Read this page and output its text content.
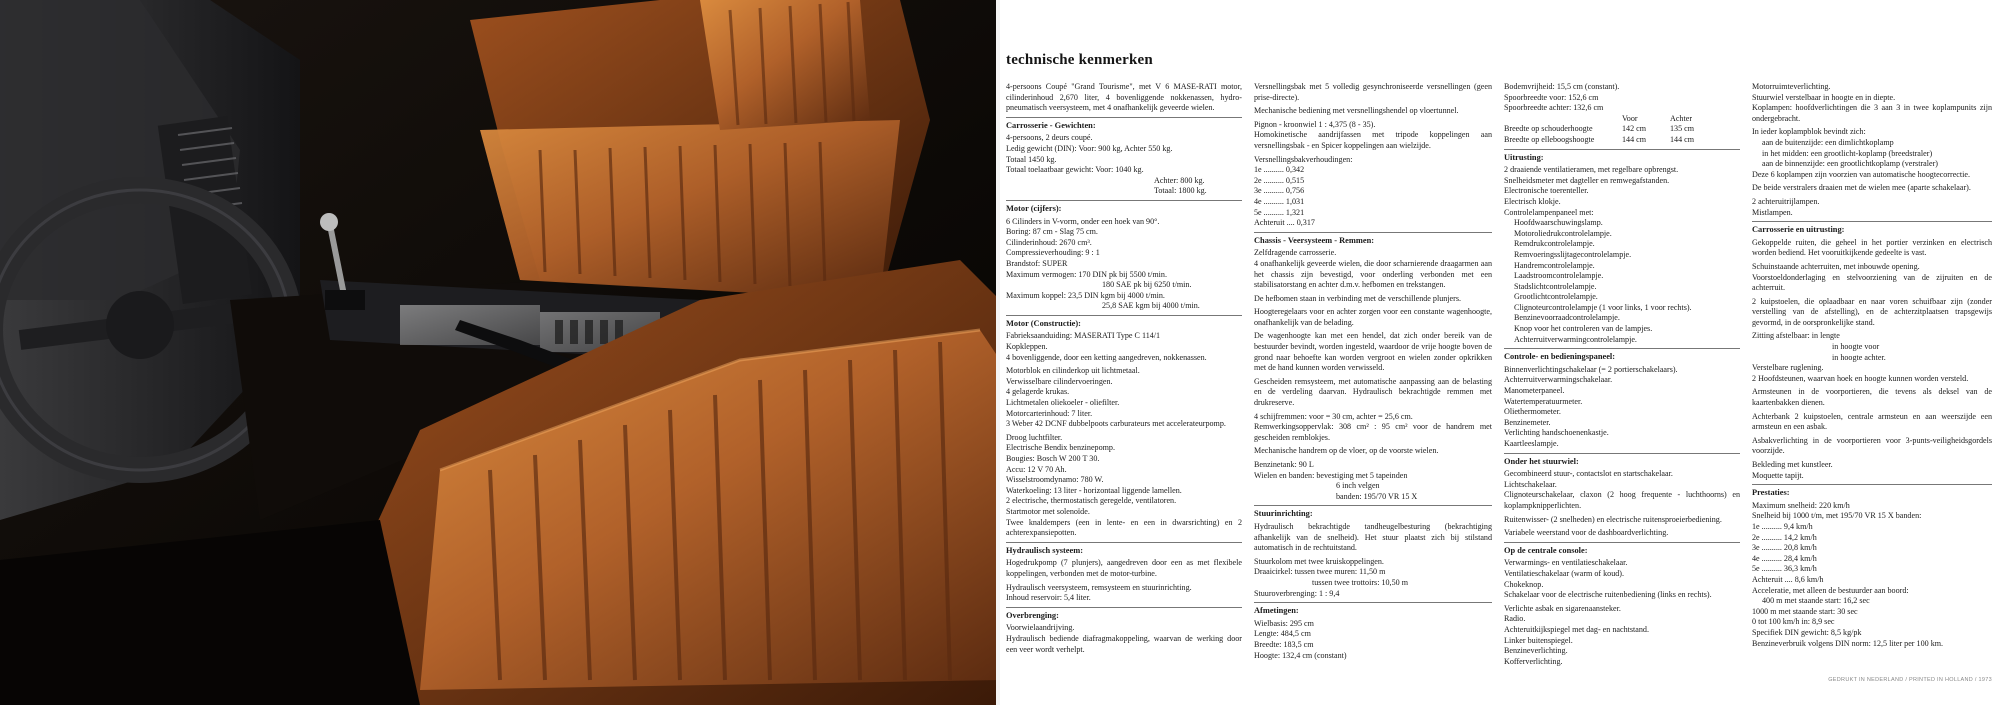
technische kenmerken
4-persoons Coupé "Grand Tourisme", met V 6 MASE-RATI motor, cilinderinhoud 2,670 liter, 4 bovenliggende nokkenassen, hydro-pneumatisch veersysteem, met 4 onafhankelijk geveerde wielen.
Carrosserie - Gewichten:
4-persoons, 2 deurs coupé.
Ledig gewicht (DIN): Voor: 900 kg, Achter 550 kg.
Totaal 1450 kg.
Totaal toelaatbaar gewicht: Voor: 1040 kg.
Achter: 800 kg.
Totaal: 1800 kg.
Motor (cijfers):
6 Cilinders in V-vorm, onder een hoek van 90°.
Boring: 87 cm - Slag 75 cm.
Cilinderinhoud: 2670 cm³.
Compressieverhouding: 9 : 1
Brandstof: SUPER
Maximum vermogen: 170 DIN pk bij 5500 t/min.
180 SAE pk bij 6250 t/min.
Maximum koppel: 23,5 DIN kgm bij 4000 t/min.
25,8 SAE kgm bij 4000 t/min.
Motor (Constructie):
Fabrieksaanduiding: MASERATI Type C 114/1
Kopkleppen.
4 bovenliggende, door een ketting aangedreven, nokkenassen.
Motorblok en cilinderkop uit lichtmetaal.
Verwisselbare cilindervoeringen.
4 gelagerde krukas.
Lichtmetalen oliekoeler - oliefilter.
Motorcarterinhoud: 7 liter.
3 Weber 42 DCNF dubbelpoots carburateurs met accelerateurpomp.
Droog luchtfilter.
Electrische Bendix benzinepomp.
Bougies: Bosch W 200 T 30.
Accu: 12 V 70 Ah.
Wisselstroomdynamo: 780 W.
Waterkoeling: 13 liter - horizontaal liggende lamellen.
2 electrische, thermostatisch geregelde, ventilatoren.
Startmotor met solenoïde.
Twee knaldempers (een in lente- en een in dwarsrichting) en 2 achterexpansiepotten.
Hydraulisch systeem:
Hogedrukpomp (7 plunjers), aangedreven door een as met flexibele koppelingen, verbonden met de motor-turbine.
Hydraulisch veersysteem, remsysteem en stuurinrichting.
Inhoud reservoir: 5,4 liter.
Overbrenging:
Voorwielaandrijving.
Hydraulisch bediende diafragmakoppeling, waarvan de werking door een veer wordt verhelpt.
Versnellingsbak met 5 volledig gesynchroniseerde versnellingen (geen prise-directe).
Mechanische bediening met versnellingshendel op vloertunnel.
Pignon - kroonwiel 1 : 4,375 (8 - 35).
Homokinetische aandrijfassen met tripode koppelingen aan versnellingsbak - en Spicer koppelingen aan wielzijde.
Versnellingsbakverhoudingen:
1e .......... 0,342
2e .......... 0,515
3e .......... 0,756
4e .......... 1,031
5e .......... 1,321
Achteruit .... 0,317
Chassis - Veersysteem - Remmen:
Zelfdragende carrosserie.
4 onafhankelijk geveerde wielen, die door scharnierende draagarmen aan het chassis zijn bevestigd, voor onderling verbonden met een stabilisatorstang en achter d.m.v. hefbomen en trekstangen.
De hefbomen staan in verbinding met de verschillende plunjers.
Hoogteregelaars voor en achter zorgen voor een constante wagenhoogte, onafhankelijk van de belading.
De wagenhoogte kan met een hendel, dat zich onder bereik van de bestuurder bevindt, worden ingesteld, waardoor de vrije hoogte boven de grond naar behoefte kan worden vergroot en wielen zonder opkrikken met de hand kunnen worden verwisseld.
Gescheiden remsysteem, met automatische aanpassing aan de belasting en de verdeling daarvan. Hydraulisch bekrachtigde remmen met drukreserve.
4 schijfremmen: voor = 30 cm, achter = 25,6 cm.
Remwerkingsoppervlak: 308 cm² : 95 cm² voor de handrem met gescheiden remblokjes.
Mechanische handrem op de vloer, op de voorste wielen.
Benzinetank: 90 L
Wielen en banden: bevestiging met 5 tapeinden
6 inch velgen
banden: 195/70 VR 15 X
Stuurinrichting:
Hydraulisch bekrachtigde tandheugelbesturing (bekrachtiging afhankelijk van de snelheid). Het stuur plaatst zich bij stilstand automatisch in de rechtuitstand.
Stuurkolom met twee kruiskoppelingen.
Draaicirkel: tussen twee muren: 11,50 m
tussen twee trottoirs: 10,50 m
Stuuroverbrenging: 1 : 9,4
Afmetingen:
Wielbasis: 295 cm
Lengte: 484,5 cm
Breedte: 183,5 cm
Hoogte: 132,4 cm (constant)
Bodemvrijheid: 15,5 cm (constant).
Spoorbreedte voor: 152,6 cm
Spoorbreedte achter: 132,6 cm
Voor	Achter
Breedte op schouderhoogte	142 cm	135 cm
Breedte op elleboogshoogte	144 cm	144 cm
Uitrusting:
2 draaiende ventilatieramen, met regelbare opbrengst.
Snelheidsmeter met dagteller en remwegafstanden.
Electronische toerenteller.
Electrisch klokje.
Controlelampenpaneel met:
Hoofdwaarschuwingslamp.
Motoroliedrukcontrolelampje.
Remdrukcontrolelampje.
Remvoeringsslijtagecontrolelampje.
Handremcontrolelampje.
Laadstroomcontrolelampje.
Stadslichtcontrolelampje.
Grootlichtcontrolelampje.
Clignoteurcontrolelampje (1 voor links, 1 voor rechts).
Benzinevoorraadcontrolelampje.
Knop voor het controleren van de lampjes.
Achterruitverwarmingcontrolelampje.
Controle- en bedieningspaneel:
Binnenverlichtingschakelaar (= 2 portierschakelaars).
Achterruitverwarmingschakelaar.
Manometerpaneel.
Watertemperatuurmeter.
Oliethermometer.
Benzinemeter.
Verlichting handschoenenkastje.
Kaartleeslampje.
Onder het stuurwiel:
Gecombineerd stuur-, contactslot en startschakelaar.
Lichtschakelaar.
Clignoteurschakelaar, claxon (2 hoog frequente - luchthoorns) en koplampknipperlichten.
Ruitenwisser- (2 snelheden) en electrische ruitensproeierbediening.
Variabele weerstand voor de dashboardverlichting.
Op de centrale console:
Verwarmings- en ventilatieschakelaar.
Ventilatieschakelaar (warm of koud).
Chokeknop.
Schakelaar voor de electrische ruitenbediening (links en rechts).
Verlichte asbak en sigarenaansteker.
Radio.
Achteruitkijkspiegel met dag- en nachtstand.
Linker buitenspiegel.
Benzineverlichting.
Kofferverlichting.
Motorruimteverlichting.
Stuurwiel verstelbaar in hoogte en in diepte.
Koplampen: hoofdverlichtingen die 3 aan 3 in twee koplampunits zijn ondergebracht.
In ieder koplampblok bevindt zich:
aan de buitenzijde: een dimlichtkoplamp
in het midden: een grootlicht-koplamp (breedstraler)
aan de binnenzijde: een grootlichtkoplamp (verstraler)
Deze 6 koplampen zijn voorzien van automatische hoogtecorrectie.
De beide verstralers draaien met de wielen mee (aparte schakelaar).
2 achteruitrijlampen.
Mistlampen.
Carrosserie en uitrusting:
Gekoppelde ruiten, die geheel in het portier verzinken en electrisch worden bediend. Het vooruitkijkende gedeelte is vast.
Schuinstaande achterruiten, met inbouwde opening.
Voorstoeldonderlaging en stelvoorziening van de zijruiten en de achterruit.
2 kuipstoelen, die oplaadbaar en naar voren schuifbaar zijn (zonder verstelling van de afstelling), en de achterzitplaatsen trapsgewijs gevormd, in de oorspronkelijke stand.
Zitting afstelbaar: in lengte
in hoogte voor
in hoogte achter.
Verstelbare ruglening.
2 Hoofdsteunen, waarvan hoek en hoogte kunnen worden versteld.
Armsteunen in de voorportieren, die tevens als deksel van de kaartenbakken dienen.
Achterbank 2 kuipstoelen, centrale armsteun en aan weerszijde een armsteun en een asbak.
Asbakverlichting in de voorportieren voor 3-punts-veiligheidsgordels voorzijde.
Bekleding met kunstleer.
Moquette tapijt.
Prestaties:
Maximum snelheid: 220 km/h
Snelheid bij 1000 t/m, met 195/70 VR 15 X banden:
1e .......... 9,4 km/h
2e .......... 14,2 km/h
3e .......... 20,8 km/h
4e .......... 28,4 km/h
5e .......... 36,3 km/h
Achteruit .... 8,6 km/h
Acceleratie, met alleen de bestuurder aan boord:
400 m met staande start: 16,2 sec
1000 m met staande start: 30 sec
0 tot 100 km/h in: 8,9 sec
Specifiek DIN gewicht: 8,5 kg/pk
Benzineverbruik volgens DIN norm: 12,5 liter per 100 km.
GEDRUKT IN NEDERLAND / PRINTED IN HOLLAND / 1973
